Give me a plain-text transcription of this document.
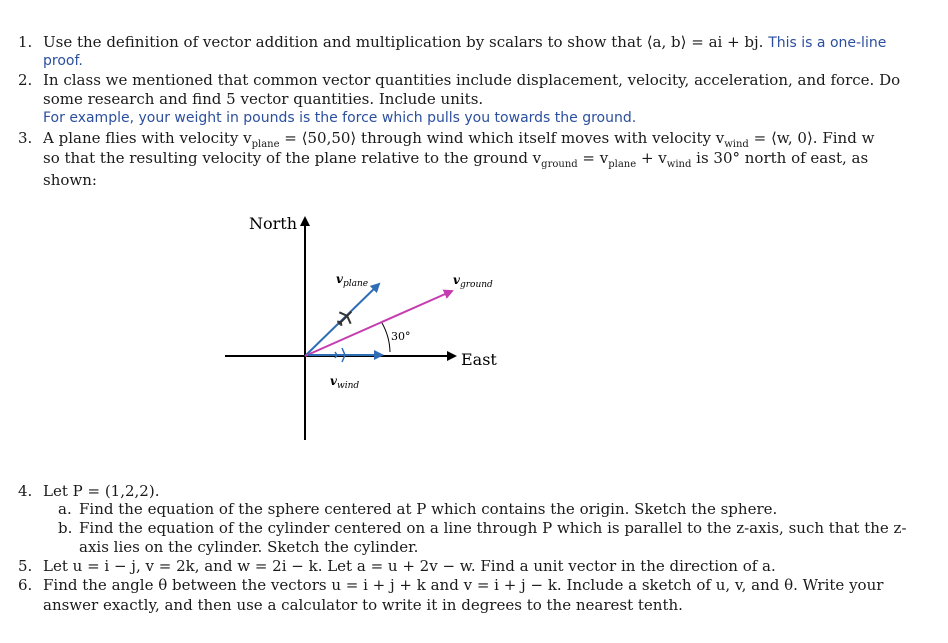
1. Use the definition of vector addition and multiplication by scalars to show that ⟨a, b⟩ = ai + bj. This is a one-line
proof.
2. In class we mentioned that common vector quantities include displacement, velocity, acceleration, and force. Do
some research and find 5 vector quantities. Include units.
For example, your weight in pounds is the force which pulls you towards the ground.
3. A plane flies with velocity $v_{plane}$ = ⟨50,50⟩ through wind which itself moves with velocity $v_{wind}$ = ⟨w, 0⟩. Find w
so that the resulting velocity of the plane relative to the ground $v_{ground} = v_{plane} + v_{wind}$ is 30° north of east, as
shown:
North
East
30°
$v_{plane}$	$v_{ground}$
$v_{wind}$
4. Let P = (1,2,2).
a. Find the equation of the sphere centered at P which contains the origin. Sketch the sphere.
b. Find the equation of the cylinder centered on a line through P which is parallel to the z-axis, such that the z-
axis lies on the cylinder. Sketch the cylinder.
5. Let u = i − j, v = 2k, and w = 2i − k. Let a = u + 2v − w. Find a unit vector in the direction of a.
6. Find the angle θ between the vectors u = i + j + k and v = i + j − k. Include a sketch of u, v, and θ. Write your
answer exactly, and then use a calculator to write it in degrees to the nearest tenth.
